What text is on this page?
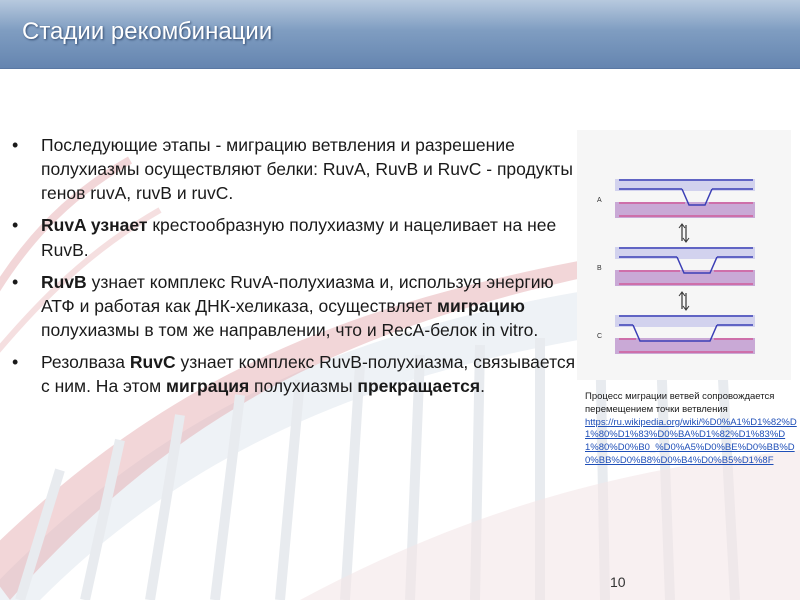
Стадии рекомбинации
• Последующие этапы - миграцию ветвления и разрешение полухиазмы осуществляют белки: RuvA, RuvB и RuvC - продукты генов ruvA, ruvB и ruvC.
• RuvA узнает крестообразную полухиазму и нацеливает на нее RuvB.
• RuvB узнает комплекс RuvA-полухиазма и, используя энергию АТФ и работая как ДНК-хеликаза, осуществляет миграцию полухиазмы в том же направлении, что и RecA-белок in vitro.
• Резолваза RuvC узнает комплекс RuvB-полухиазма, связывается с ним. На этом миграция полухиазмы прекращается.
A
B
C
Процесс миграции ветвей сопровождается перемещением точки ветвления
https://ru.wikipedia.org/wiki/%D0%A1%D1%82%D1%80%D1%83%D0%BA%D1%82%D1%83%D1%80%D0%B0_%D0%A5%D0%BE%D0%BB%D0%BB%D0%B8%D0%B4%D0%B5%D1%8F
10
